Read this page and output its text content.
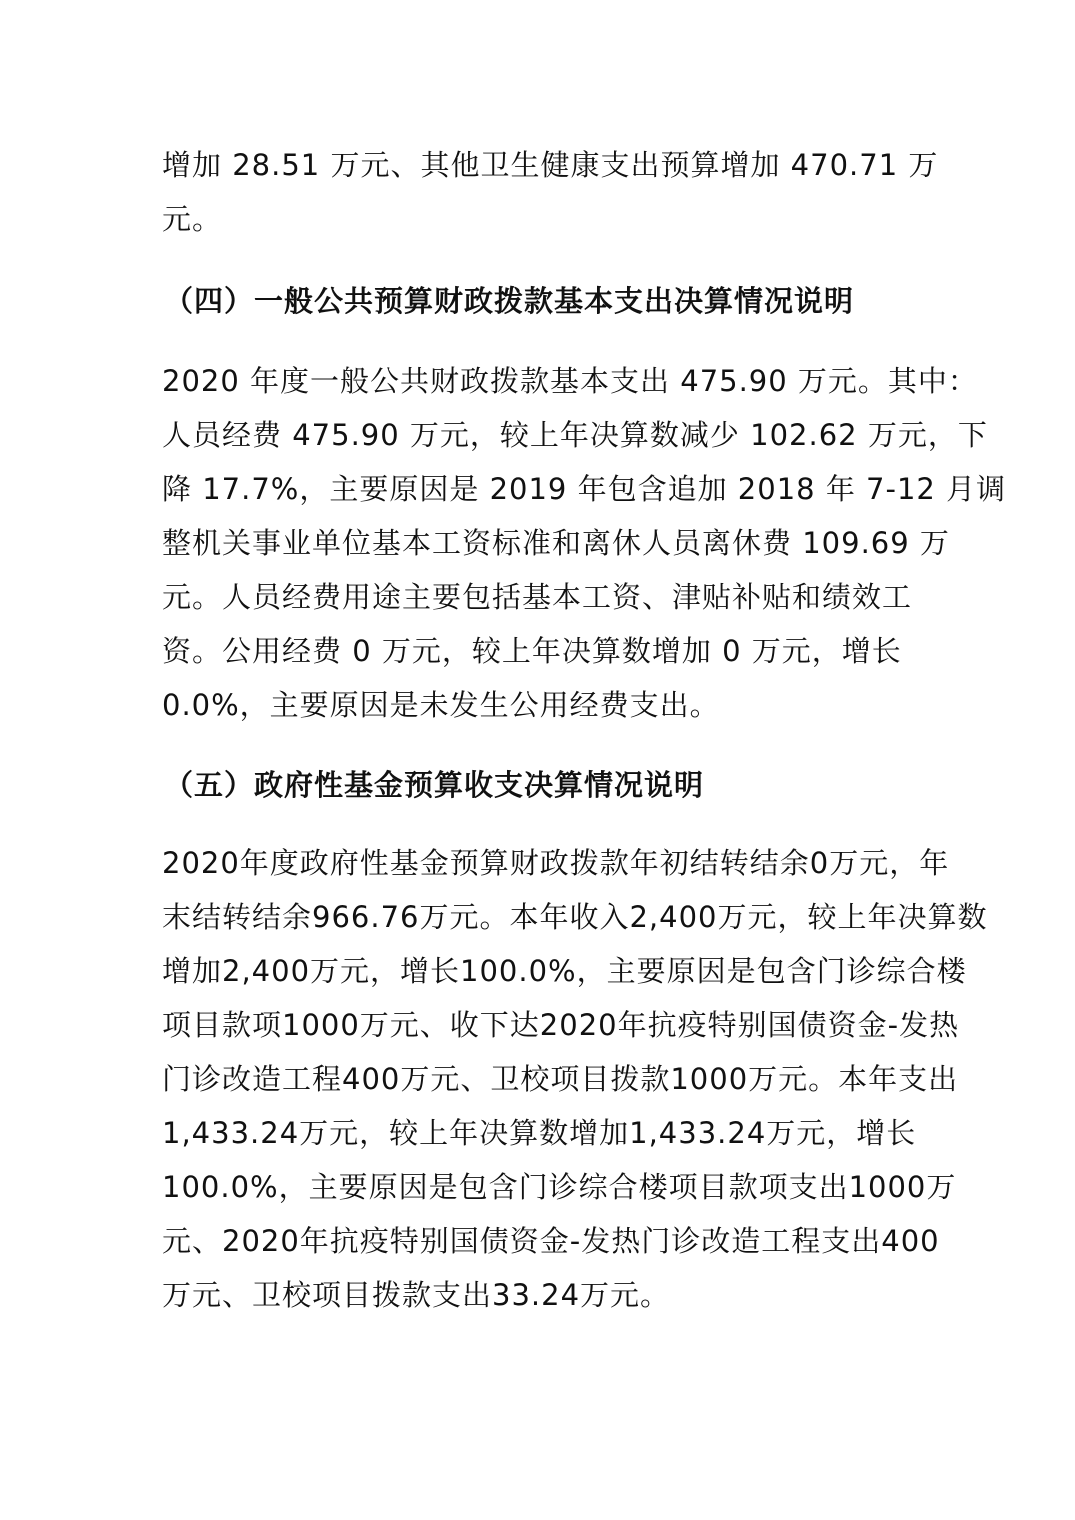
增加 28.51 万元、其他卫生健康支出预算增加 470.71 万
元。
（四）一般公共预算财政拨款基本支出决算情况说明
2020 年度一般公共财政拨款基本支出 475.90 万元。其中：
人员经费 475.90 万元，较上年决算数减少 102.62 万元，下
降 17.7%，主要原因是 2019 年包含追加 2018 年 7-12 月调
整机关事业单位基本工资标准和离休人员离休费 109.69 万
元。人员经费用途主要包括基本工资、津贴补贴和绩效工
资。公用经费 0 万元，较上年决算数增加 0 万元，增长
0.0%，主要原因是未发生公用经费支出。
（五）政府性基金预算收支决算情况说明
2020年度政府性基金预算财政拨款年初结转结余0万元，年
末结转结余966.76万元。本年收入2,400万元，较上年决算数
增加2,400万元，增长100.0%，主要原因是包含门诊综合楼
项目款项1000万元、收下达2020年抗疫特别国债资金-发热
门诊改造工程400万元、卫校项目拨款1000万元。本年支出
1,433.24万元，较上年决算数增加1,433.24万元，增长
100.0%，主要原因是包含门诊综合楼项目款项支出1000万
元、2020年抗疫特别国债资金-发热门诊改造工程支出400
万元、卫校项目拨款支出33.24万元。
